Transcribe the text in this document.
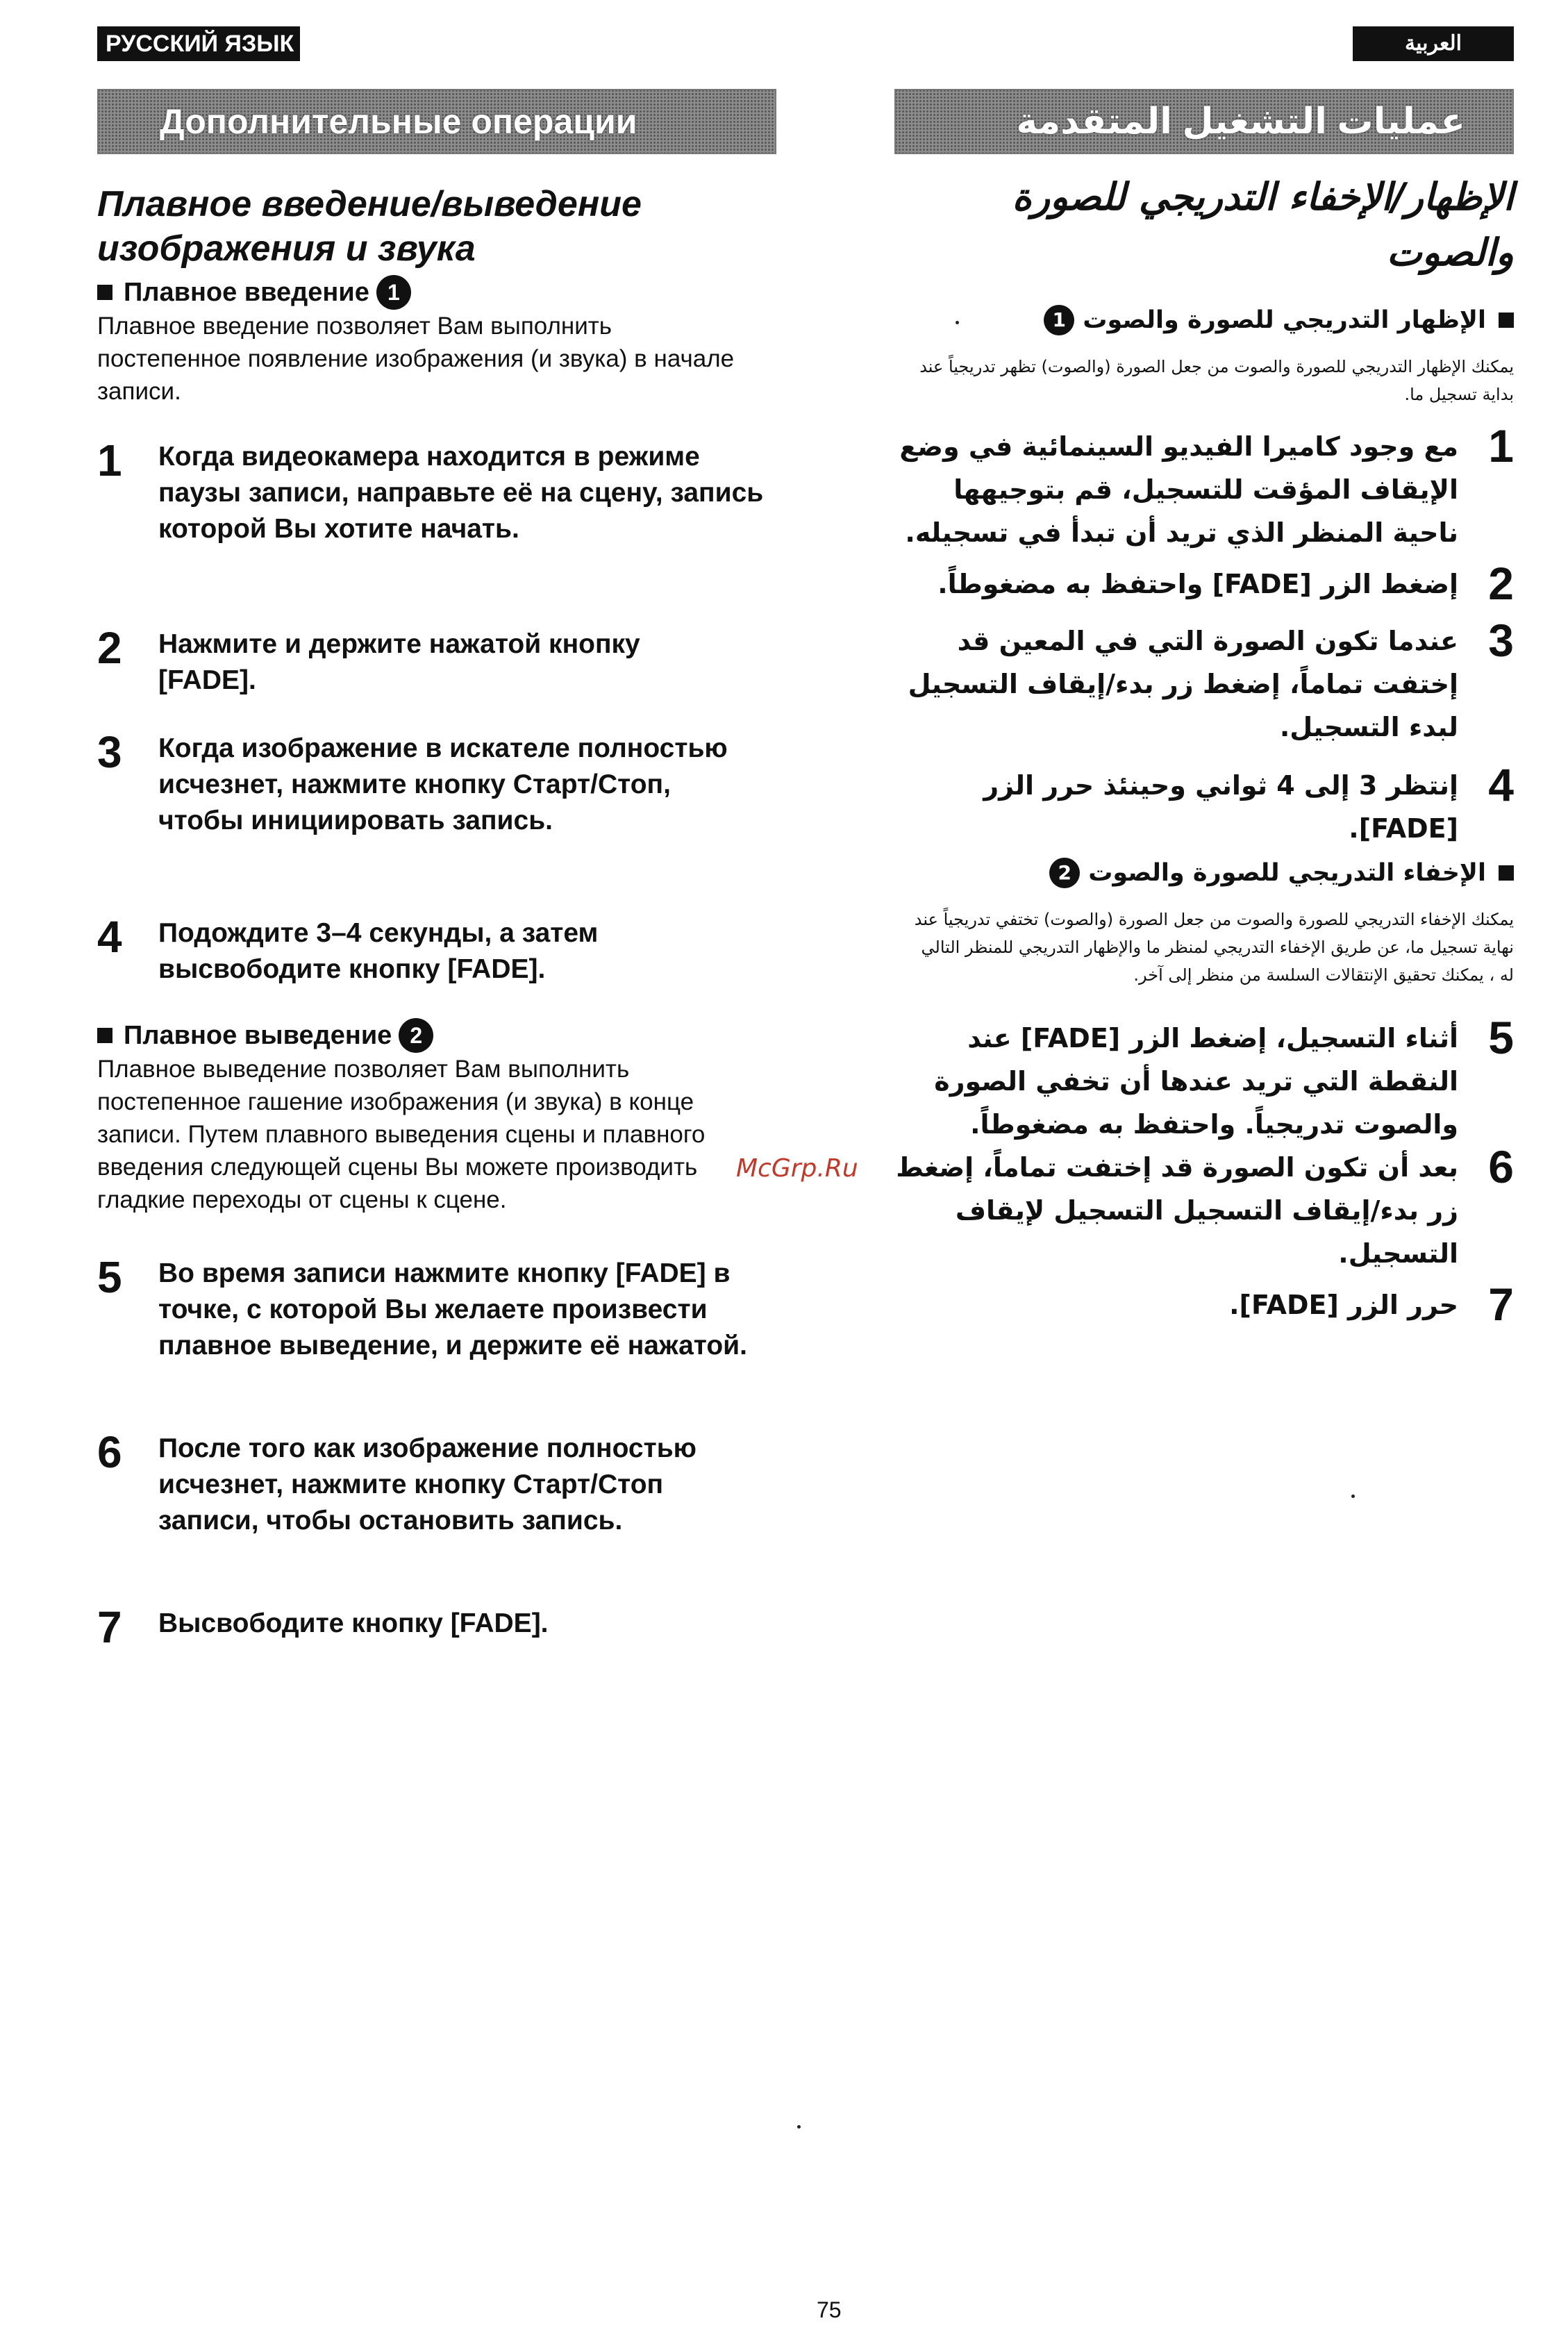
РУССКИЙ ЯЗЫК	العربية
Дополнительные операции	عمليات التشغيل المتقدمة
Плавное введение/выведение изображения и звука
Плавное введение 1
Плавное введение позволяет Вам выполнить постепенное появление изображения (и звука) в начале записи.
1 Когда видеокамера находится в режиме паузы записи, направьте её на сцену, запись которой Вы хотите начать.
2 Нажмите и держите нажатой кнопку [FADE].
3 Когда изображение в искателе полностью исчезнет, нажмите кнопку Старт/Стоп, чтобы инициировать запись.
4 Подождите 3–4 секунды, а затем высвободите кнопку [FADE].
Плавное выведение 2
Плавное выведение позволяет Вам выполнить постепенное гашение изображения (и звука) в конце записи. Путем плавного выведения сцены и плавного введения следующей сцены Вы можете производить гладкие переходы от сцены к сцене.
5 Во время записи нажмите кнопку [FADE] в точке, с которой Вы желаете произвести плавное выведение, и держите её нажатой.
6 После того как изображение полностью исчезнет, нажмите кнопку Старт/Стоп записи, чтобы остановить запись.
7 Высвободите кнопку [FADE].
الإظهار/الإخفاء التدريجي للصورة والصوت
الإظهار التدريجي للصورة والصوت
1
يمكنك الإظهار التدريجي للصورة والصوت من جعل الصورة (والصوت) تظهر تدريجياً عند بداية تسجيل ما.
1
مع وجود كاميرا الفيديو السينمائية في وضع الإيقاف المؤقت للتسجيل، قم بتوجيهها ناحية المنظر الذي تريد أن تبدأ في تسجيله.
2
إضغط الزر [FADE] واحتفظ به مضغوطاً.
3
عندما تكون الصورة التي في المعين قد إختفت تماماً، إضغط زر بدء/إيقاف التسجيل لبدء التسجيل.
4
إنتظر 3 إلى 4 ثواني وحينئذ حرر الزر [FADE].
الإخفاء التدريجي للصورة والصوت
2
يمكنك الإخفاء التدريجي للصورة والصوت من جعل الصورة (والصوت) تختفي تدريجياً عند نهاية تسجيل ما، عن طريق الإخفاء التدريجي لمنظر ما والإظهار التدريجي للمنظر التالي له ، يمكنك تحقيق الإنتقالات السلسة من منظر إلى آخر.
5
أثناء التسجيل، إضغط الزر [FADE] عند النقطة التي تريد عندها أن تخفي الصورة والصوت تدريجياً. واحتفظ به مضغوطاً.
6
بعد أن تكون الصورة قد إختفت تماماً، إضغط زر بدء/إيقاف التسجيل التسجيل لإيقاف التسجيل.
7
حرر الزر [FADE].
McGrp.Ru
75
